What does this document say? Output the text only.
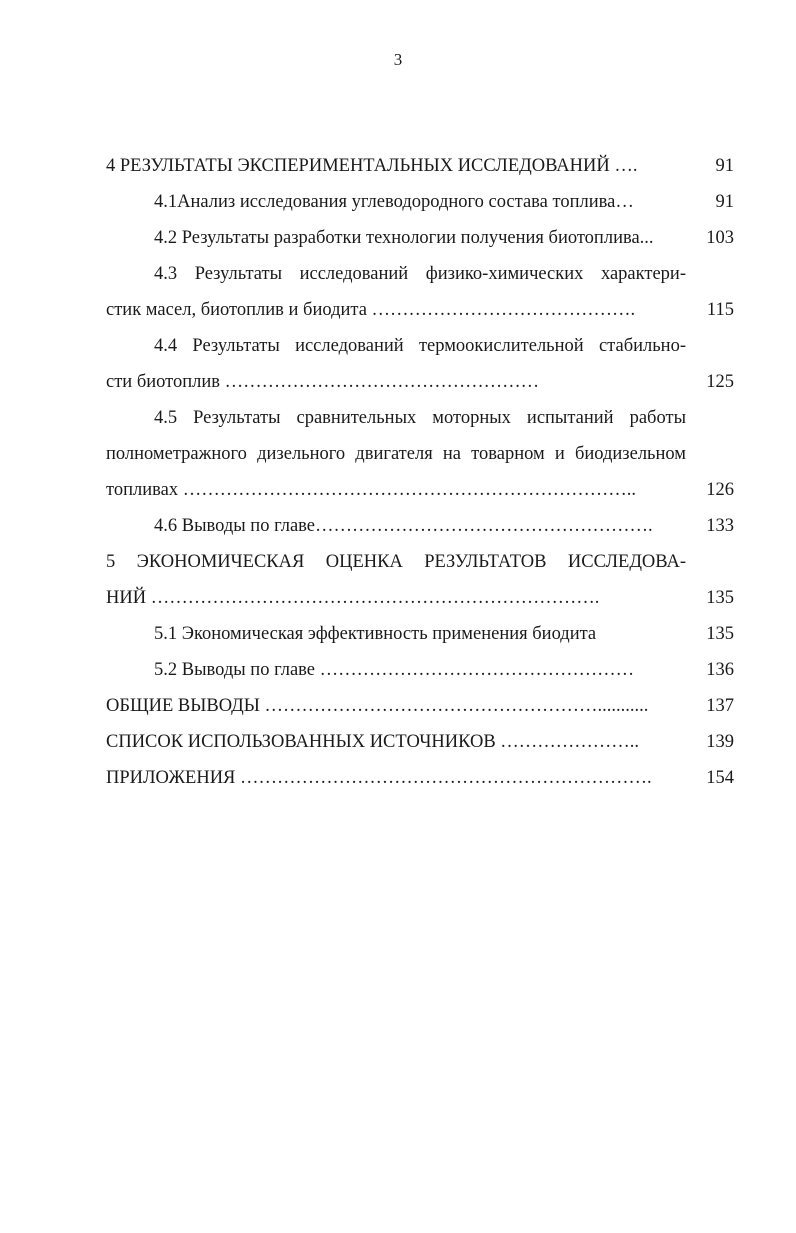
3
4 РЕЗУЛЬТАТЫ ЭКСПЕРИМЕНТАЛЬНЫХ ИССЛЕДОВАНИЙ ….	91
4.1Анализ исследования углеводородного состава топлива…	91
4.2 Результаты разработки технологии получения биотоплива...	103
4.3 Результаты исследований физико-химических характери-
стик масел, биотоплив и биодита …………………………………….	115
4.4 Результаты исследований термоокислительной стабильно-
сти биотоплив ……………………………………………	125
4.5 Результаты сравнительных моторных испытаний работы
полнометражного дизельного двигателя на товарном и биодизельном
топливах ………………………………………………………………..	126
4.6 Выводы по главе……………………………………………….	133
5 ЭКОНОМИЧЕСКАЯ ОЦЕНКА РЕЗУЛЬТАТОВ ИССЛЕДОВА-
НИЙ ……………………………………………………………….	135
5.1 Экономическая эффективность применения биодита	135
5.2 Выводы по главе ……………………………………………	136
ОБЩИЕ ВЫВОДЫ ………………………………………………...........	137
СПИСОК ИСПОЛЬЗОВАННЫХ ИСТОЧНИКОВ …………………..	139
ПРИЛОЖЕНИЯ ………………………………………………………….	154
